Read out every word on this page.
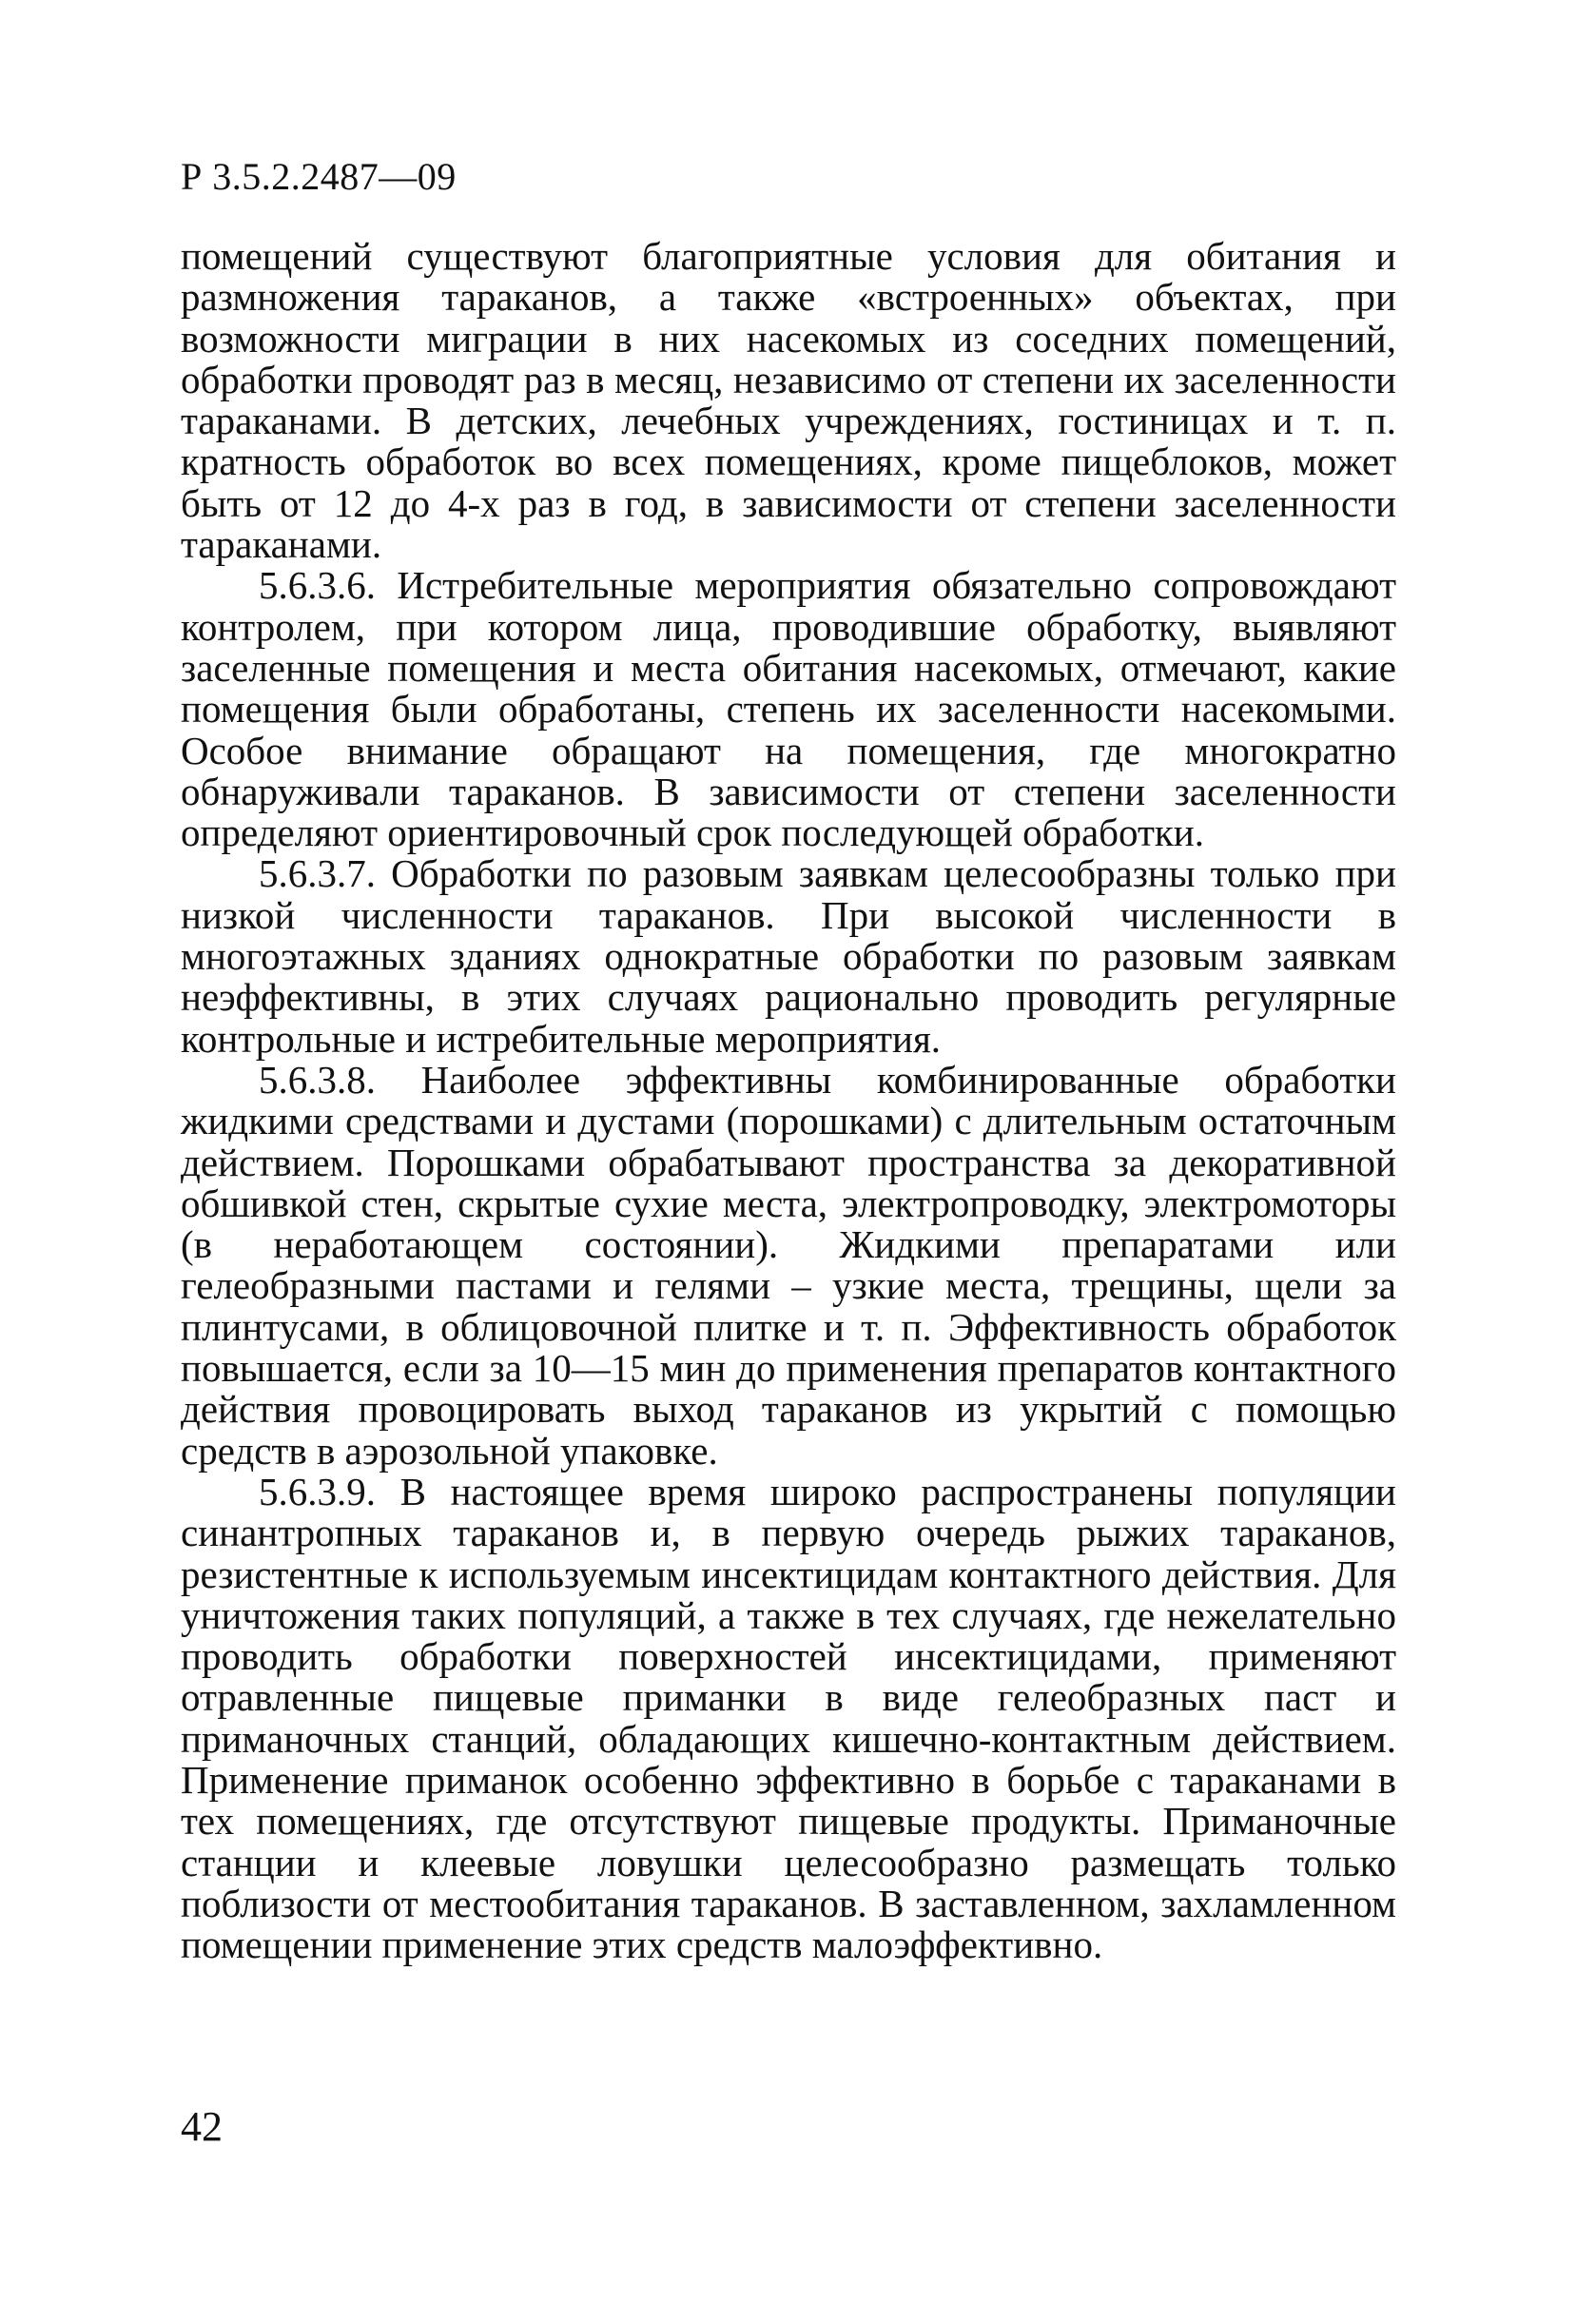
Р 3.5.2.2487—09

помещений существуют благоприятные условия для обитания и размножения тараканов, а также «встроенных» объектах, при возможности миграции в них насекомых из соседних помещений, обработки проводят раз в месяц, независимо от степени их заселенности тараканами. В детских, лечебных учреждениях, гостиницах и т. п. кратность обработок во всех помещениях, кроме пищеблоков, может быть от 12 до 4-х раз в год, в зависимости от степени заселенности тараканами.

5.6.3.6. Истребительные мероприятия обязательно сопровождают контролем, при котором лица, проводившие обработку, выявляют заселенные помещения и места обитания насекомых, отмечают, какие помещения были обработаны, степень их заселенности насекомыми. Особое внимание обращают на помещения, где многократно обнаруживали тараканов. В зависимости от степени заселенности определяют ориентировочный срок последующей обработки.

5.6.3.7. Обработки по разовым заявкам целесообразны только при низкой численности тараканов. При высокой численности в многоэтажных зданиях однократные обработки по разовым заявкам неэффективны, в этих случаях рационально проводить регулярные контрольные и истребительные мероприятия.

5.6.3.8. Наиболее эффективны комбинированные обработки жидкими средствами и дустами (порошками) с длительным остаточным действием. Порошками обрабатывают пространства за декоративной обшивкой стен, скрытые сухие места, электропроводку, электромоторы (в неработающем состоянии). Жидкими препаратами или гелеобразными пастами и гелями – узкие места, трещины, щели за плинтусами, в облицовочной плитке и т. п. Эффективность обработок повышается, если за 10—15 мин до применения препаратов контактного действия провоцировать выход тараканов из укрытий с помощью средств в аэрозольной упаковке.

5.6.3.9. В настоящее время широко распространены популяции синантропных тараканов и, в первую очередь рыжих тараканов, резистентные к используемым инсектицидам контактного действия. Для уничтожения таких популяций, а также в тех случаях, где нежелательно проводить обработки поверхностей инсектицидами, применяют отравленные пищевые приманки в виде гелеобразных паст и приманочных станций, обладающих кишечно-контактным действием. Применение приманок особенно эффективно в борьбе с тараканами в тех помещениях, где отсутствуют пищевые продукты. Приманочные станции и клеевые ловушки целесообразно размещать только поблизости от местообитания тараканов. В заставленном, захламленном помещении применение этих средств малоэффективно.

42
